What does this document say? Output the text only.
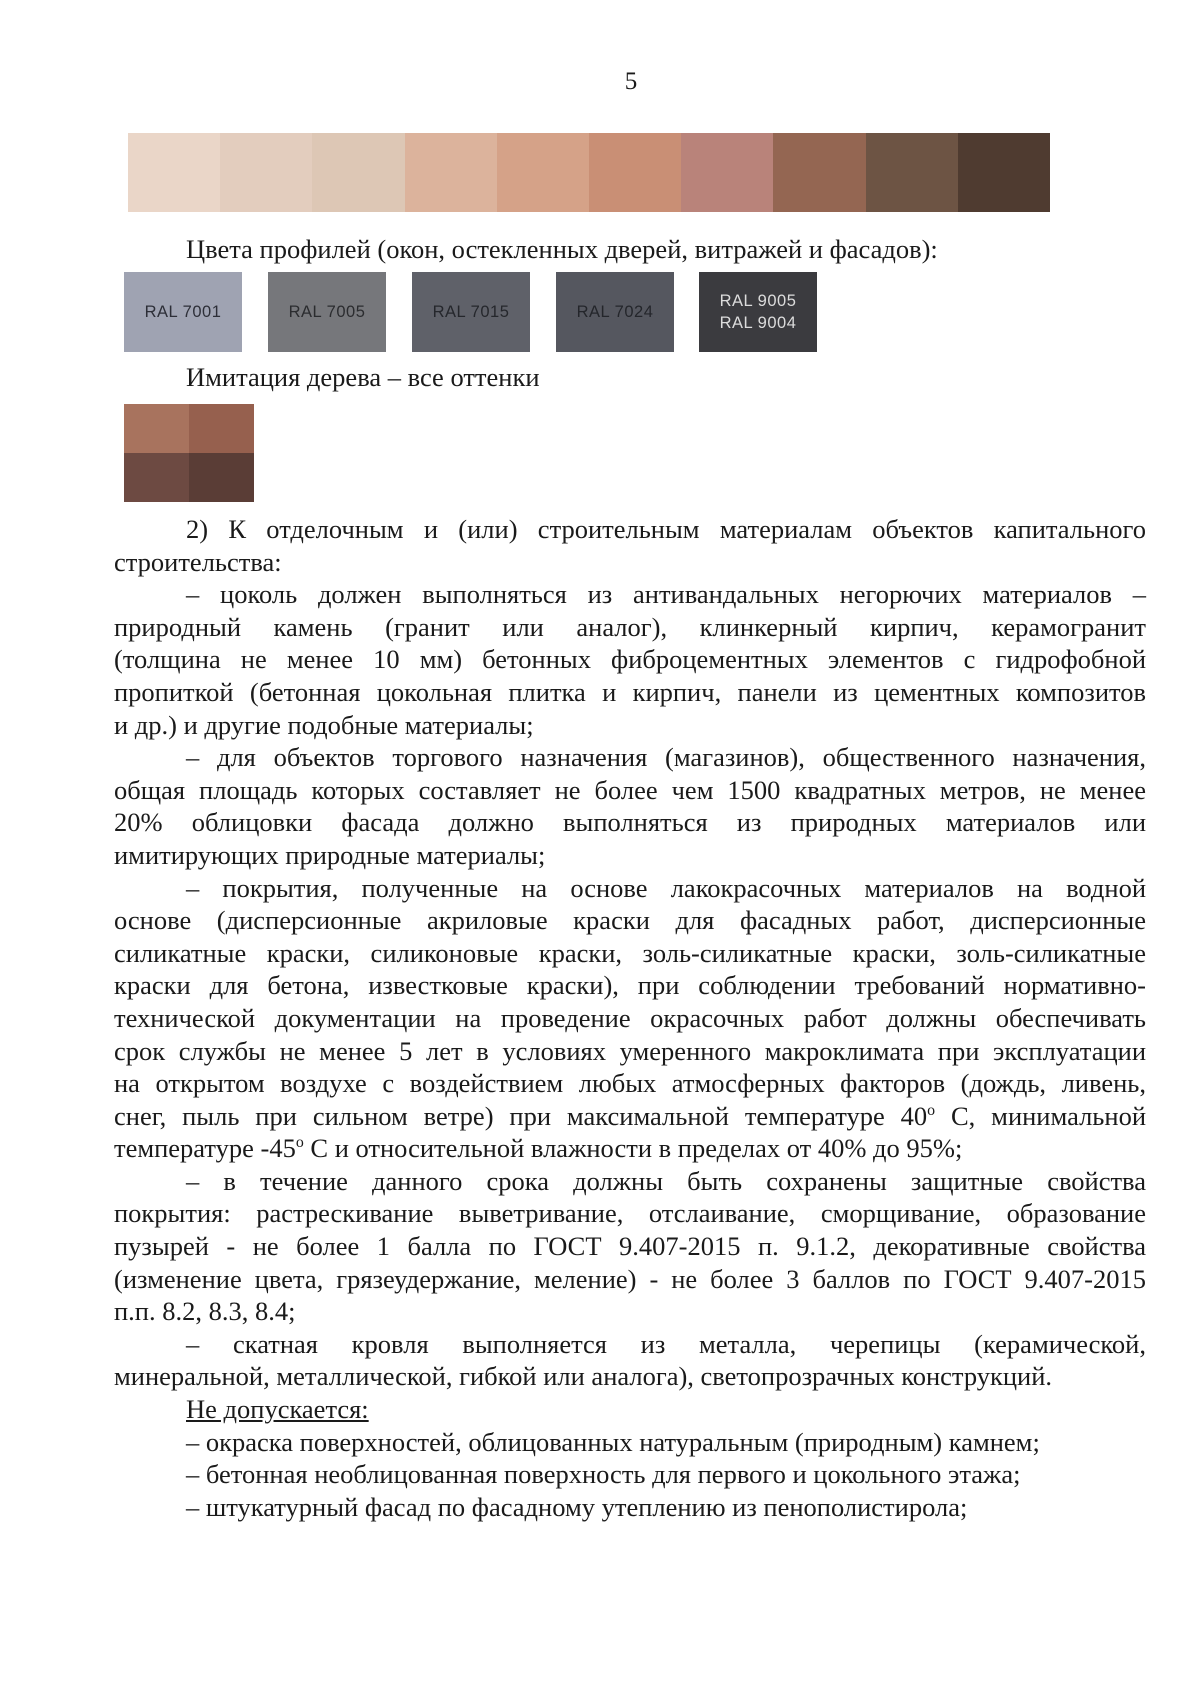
5
Цвета профилей (окон, остекленных дверей, витражей и фасадов):
RAL 7001	RAL 7005	RAL 7015	RAL 7024
RAL 9005
RAL 9004
Имитация дерева – все оттенки
2) К отделочным и (или) строительным материалам объектов капитального
строительства:
– цоколь должен выполняться из антивандальных негорючих материалов –
природный камень (гранит или аналог), клинкерный кирпич, керамогранит
(толщина не менее 10 мм) бетонных фиброцементных элементов с гидрофобной
пропиткой (бетонная цокольная плитка и кирпич, панели из цементных композитов
и др.) и другие подобные материалы;
– для объектов торгового назначения (магазинов), общественного назначения,
общая площадь которых составляет не более чем 1500 квадратных метров, не менее
20% облицовки фасада должно выполняться из природных материалов или
имитирующих природные материалы;
– покрытия, полученные на основе лакокрасочных материалов на водной
основе (дисперсионные акриловые краски для фасадных работ, дисперсионные
силикатные краски, силиконовые краски, золь-силикатные краски, золь-силикатные
краски для бетона, известковые краски), при соблюдении требований нормативно-
технической документации на проведение окрасочных работ должны обеспечивать
срок службы не менее 5 лет в условиях умеренного макроклимата при эксплуатации
на открытом воздухе с воздействием любых атмосферных факторов (дождь, ливень,
снег, пыль при сильном ветре) при максимальной температуре 40$^o$ С, минимальной
температуре -45$^o$ С и относительной влажности в пределах от 40% до 95%;
– в течение данного срока должны быть сохранены защитные свойства
покрытия: растрескивание выветривание, отслаивание, сморщивание, образование
пузырей - не более 1 балла по ГОСТ 9.407-2015 п. 9.1.2, декоративные свойства
(изменение цвета, грязеудержание, меление) - не более 3 баллов по ГОСТ 9.407-2015
п.п. 8.2, 8.3, 8.4;
– скатная кровля выполняется из металла, черепицы (керамической,
минеральной, металлической, гибкой или аналога), светопрозрачных конструкций.
Не допускается:
– окраска поверхностей, облицованных натуральным (природным) камнем;
– бетонная необлицованная поверхность для первого и цокольного этажа;
– штукатурный фасад по фасадному утеплению из пенополистирола;
